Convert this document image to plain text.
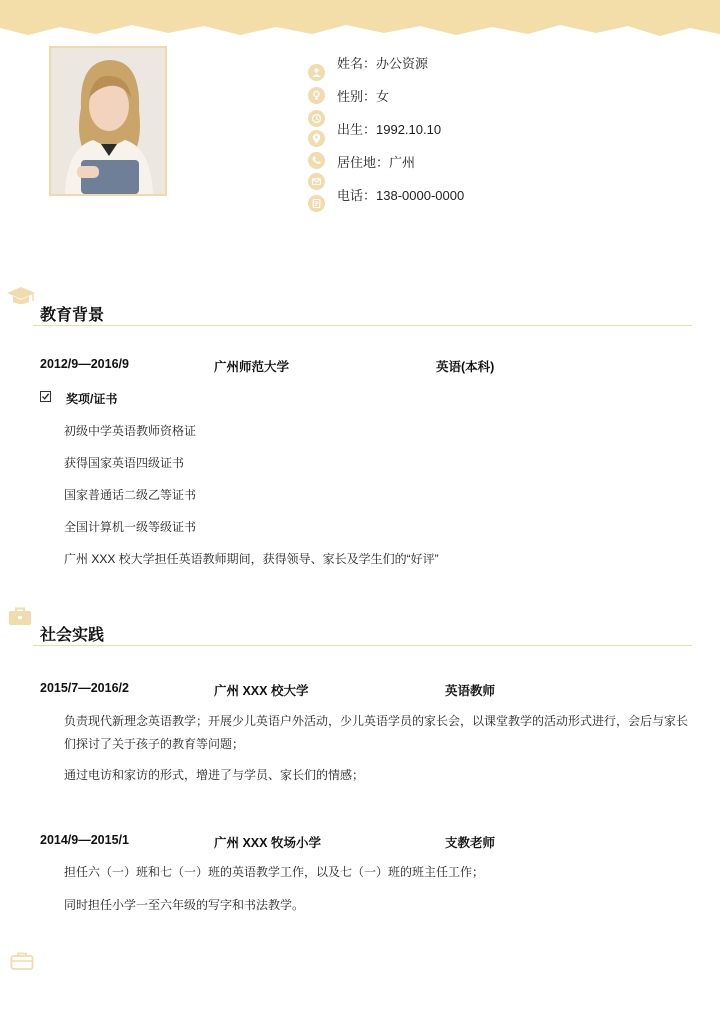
姓名：办公资源
性别：女
出生：1992.10.10
居住地：广州
电话：138-0000-0000
教育背景
2012/9—2016/9	广州师范大学	英语(本科)
奖项/证书
初级中学英语教师资格证
获得国家英语四级证书
国家普通话二级乙等证书
全国计算机一级等级证书
广州 XXX 校大学担任英语教师期间，获得领导、家长及学生们的“好评”
社会实践
2015/7—2016/2	广州 XXX 校大学	英语教师
负责现代新理念英语教学；开展少儿英语户外活动，少儿英语学员的家长会，以课堂教学的活动形式进行，会后与家长们探讨了关于孩子的教育等问题；
通过电访和家访的形式，增进了与学员、家长们的情感；
2014/9—2015/1	广州 XXX 牧场小学	支教老师
担任六（一）班和七（一）班的英语教学工作，以及七（一）班的班主任工作；
同时担任小学一至六年级的写字和书法教学。
